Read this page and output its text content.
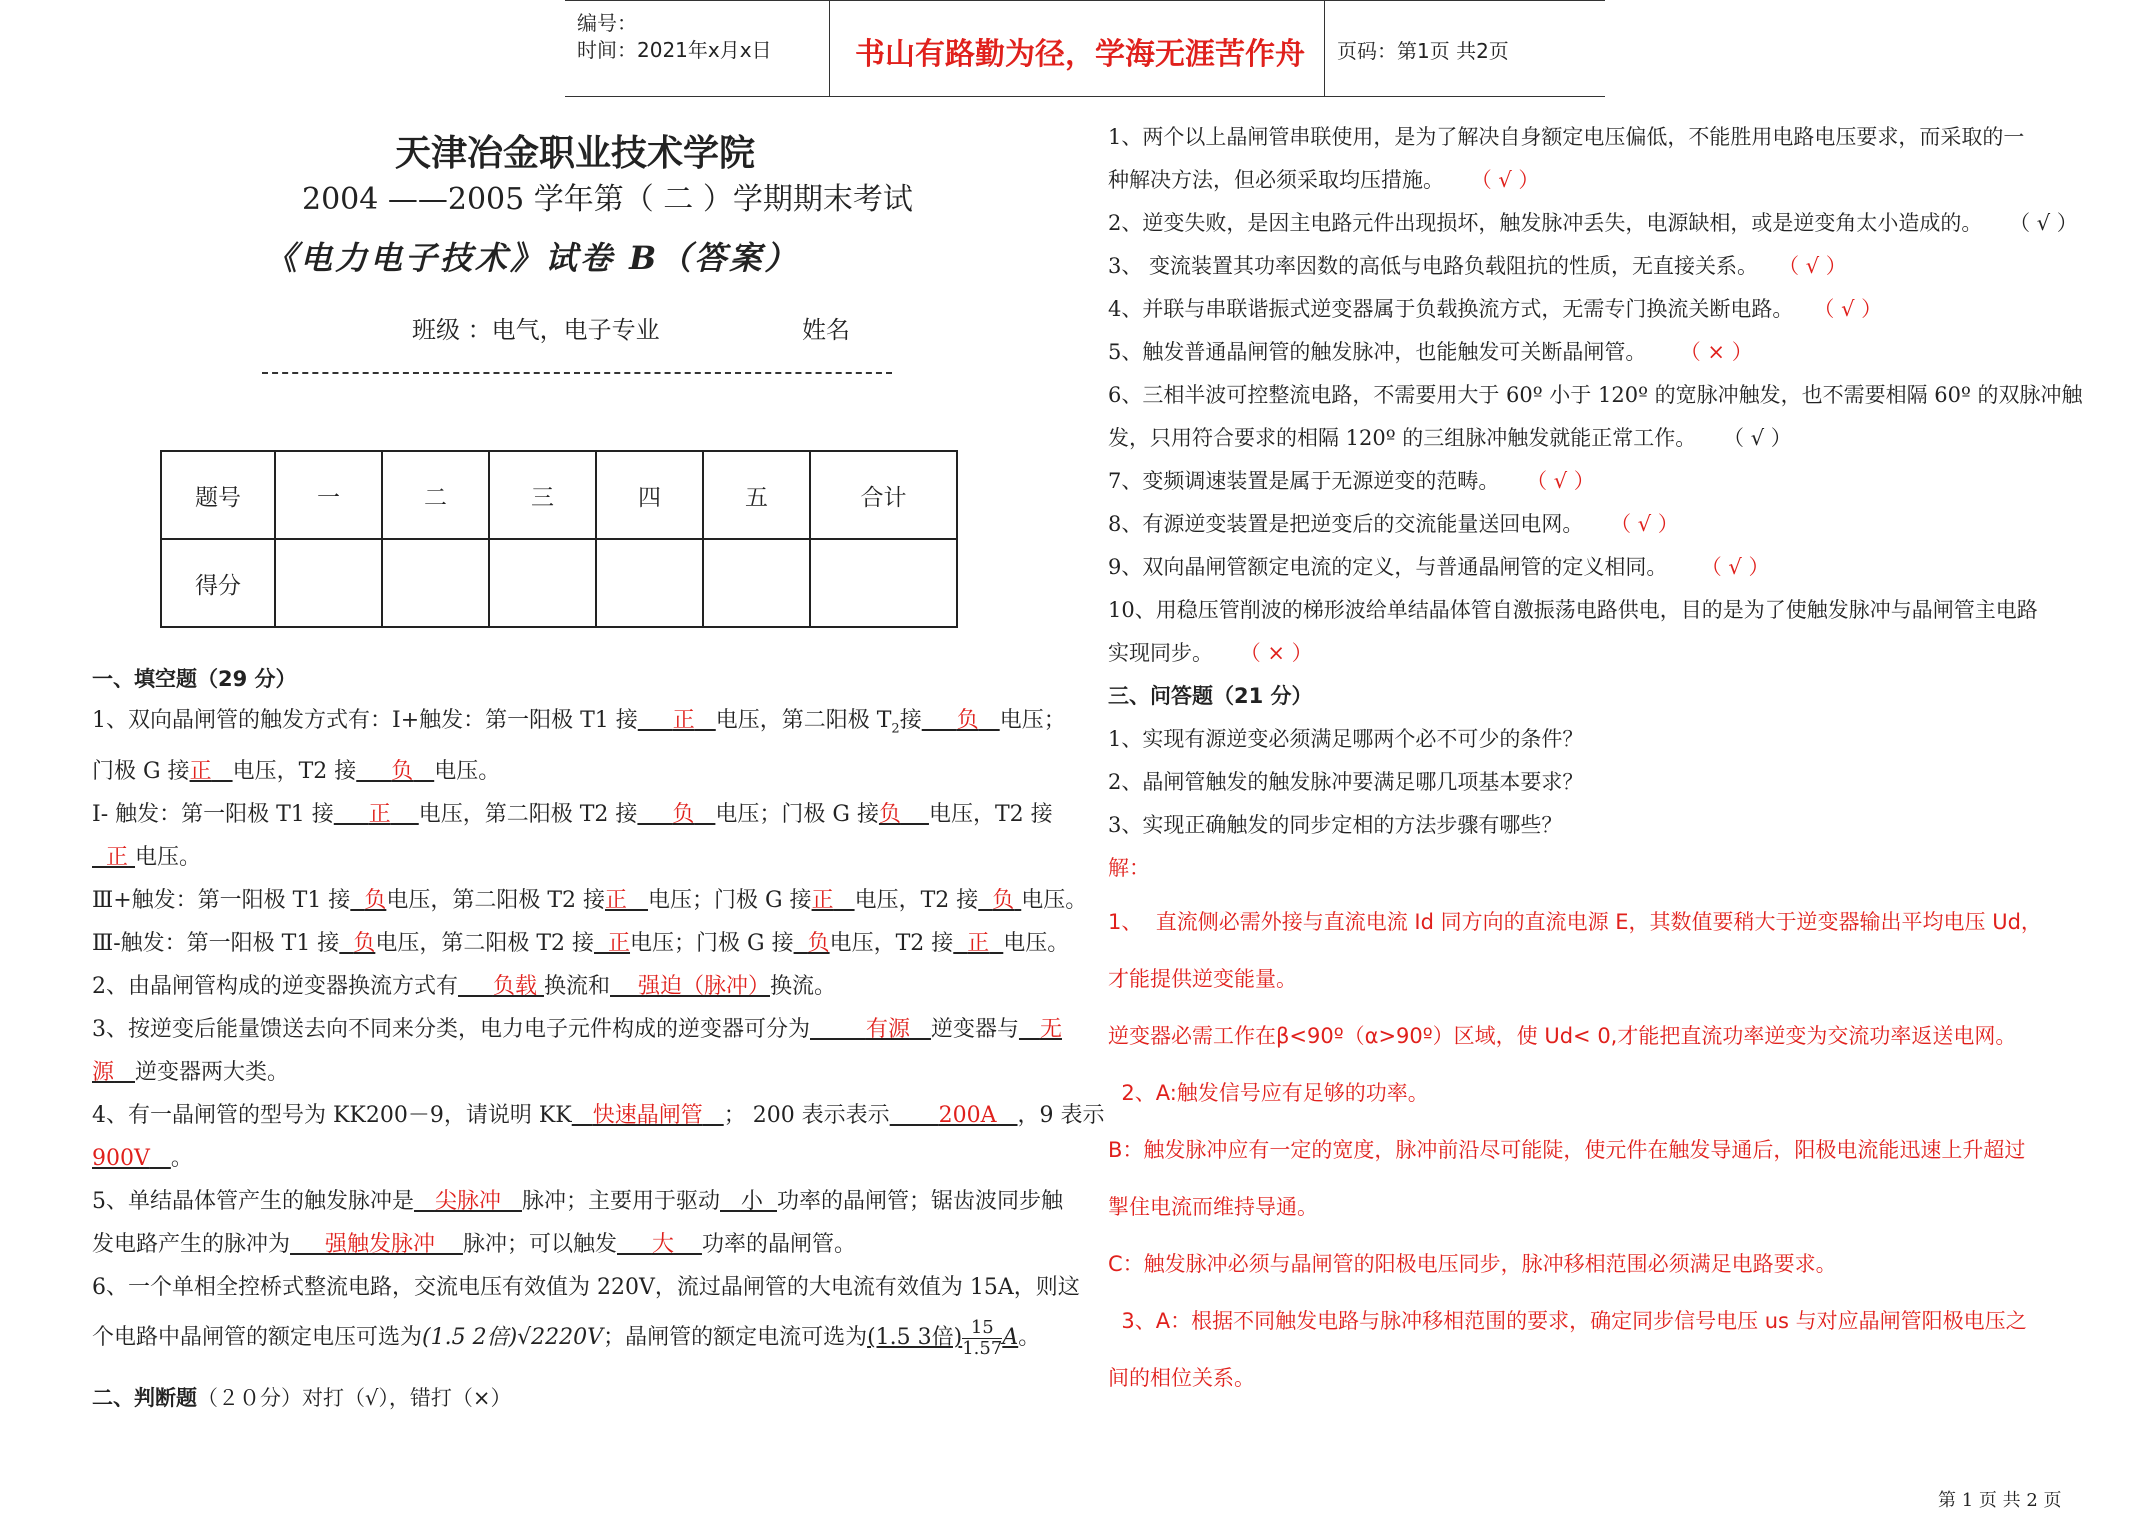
编号：
时间：2021年x月x日	书山有路勤为径，学海无涯苦作舟 页码：第1页 共2页
天津冶金职业技术学院
2004 ——2005 学年第（ 二 ）学期期末考试
《电力电子技术》试卷 B（答案）
班级 ：电气，电子专业	姓名
题号	一	二	三	四	五	合计
得分						
一、填空题（29 分）
1、双向晶闸管的触发方式有：I+触发：第一阳极 T1 接 正 电压，第二阳极 $T_2$接 负 电压；
门极 G 接正 电压，T2 接 负 电压。
I- 触发：第一阳极 T1 接 正 电压，第二阳极 T2 接 负 电压；门极 G 接负 电压，T2 接
正 电压。
Ⅲ+触发：第一阳极 T1 接 负电压，第二阳极 T2 接正 电压；门极 G 接正 电压，T2 接 负 电压。
Ⅲ-触发：第一阳极 T1 接 负电压，第二阳极 T2 接 正电压；门极 G 接 负电压，T2 接 正 电压。
2、由晶闸管构成的逆变器换流方式有 负载 换流和 强迫（脉冲）换流。
3、按逆变后能量馈送去向不同来分类，电力电子元件构成的逆变器可分为	有源 逆变器与 无
源 逆变器两大类。
4、有一晶闸管的型号为 KK200－9，请说明 KK 快速晶闸管 ； 200 表示表示 200A ，9 表示
900V 。
5、单结晶体管产生的触发脉冲是 尖脉冲 脉冲；主要用于驱动 小 功率的晶闸管；锯齿波同步触
发电路产生的脉冲为 强触发脉冲 脉冲；可以触发 大 功率的晶闸管。
6、一个单相全控桥式整流电路，交流电压有效值为 220V，流过晶闸管的大电流有效值为 15A，则这
个电路中晶闸管的额定电压可选为(1.5 2倍)√2220V；晶闸管的额定电流可选为(1.5 3倍) $\frac{15}{1.57}A$。
二、判断题（２０分）对打（√），错打（×）
1、两个以上晶闸管串联使用，是为了解决自身额定电压偏低，不能胜用电路电压要求，而采取的一
种解决方法，但必须采取均压措施。 （ √ ）
2、逆变失败，是因主电路元件出现损坏，触发脉冲丢失，电源缺相，或是逆变角太小造成的。 （ √ ）
3、 变流装置其功率因数的高低与电路负载阻抗的性质，无直接关系。 （ √ ）
4、并联与串联谐振式逆变器属于负载换流方式，无需专门换流关断电路。 （ √ ）
5、触发普通晶闸管的触发脉冲，也能触发可关断晶闸管。 （ × ）
6、三相半波可控整流电路，不需要用大于 60º 小于 120º 的宽脉冲触发，也不需要相隔 60º 的双脉冲触
发，只用符合要求的相隔 120º 的三组脉冲触发就能正常工作。 （ √ ）
7、变频调速装置是属于无源逆变的范畴。 （ √ ）
8、有源逆变装置是把逆变后的交流能量送回电网。 （ √ ）
9、双向晶闸管额定电流的定义，与普通晶闸管的定义相同。 （ √ ）
10、用稳压管削波的梯形波给单结晶体管自激振荡电路供电，目的是为了使触发脉冲与晶闸管主电路
实现同步。 （ × ）
三、问答题（21 分）
1、实现有源逆变必须满足哪两个必不可少的条件？
2、晶闸管触发的触发脉冲要满足哪几项基本要求？
3、实现正确触发的同步定相的方法步骤有哪些？
解：
1、  直流侧必需外接与直流电流 Id 同方向的直流电源 E，其数值要稍大于逆变器输出平均电压 Ud，
才能提供逆变能量。
逆变器必需工作在β<90º（α>90º）区域，使 Ud< 0,才能把直流功率逆变为交流功率返送电网。
2、A:触发信号应有足够的功率。
B：触发脉冲应有一定的宽度，脉冲前沿尽可能陡，使元件在触发导通后，阳极电流能迅速上升超过
掣住电流而维持导通。
C：触发脉冲必须与晶闸管的阳极电压同步，脉冲移相范围必须满足电路要求。
3、A：根据不同触发电路与脉冲移相范围的要求，确定同步信号电压 us 与对应晶闸管阳极电压之
间的相位关系。
第 1 页 共 2 页
